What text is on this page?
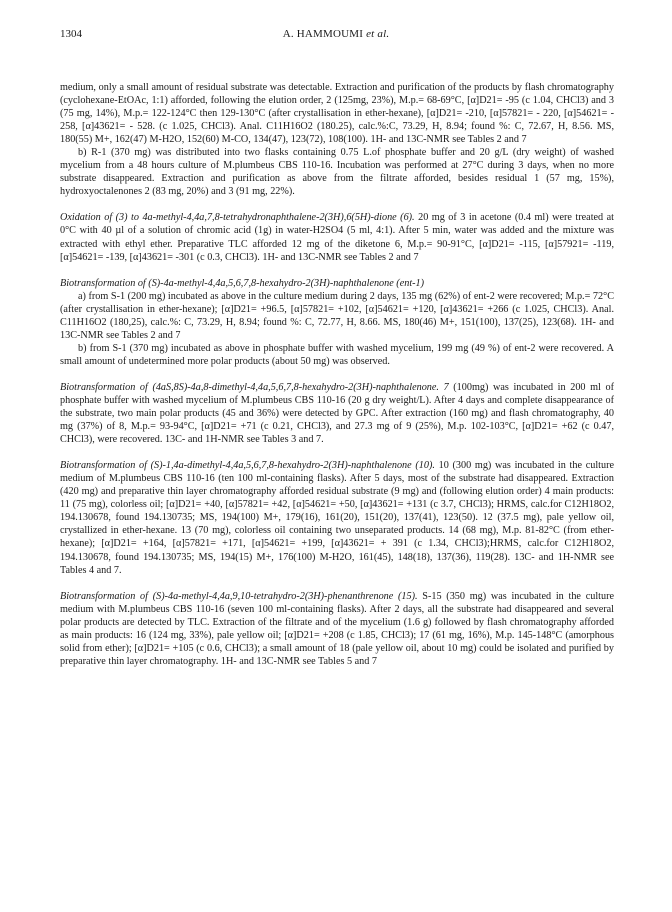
1304	A. HAMMOUMI et al.

medium, only a small amount of residual substrate was detectable. Extraction and purification of the products by flash chromatography (cyclohexane-EtOAc, 1:1) afforded, following the elution order, 2 (125mg, 23%), M.p.= 68-69°C, [α]D21= -95 (c 1.04, CHCl3) and 3 (75 mg, 14%), M.p.= 122-124°C then 129-130°C (after crystallisation in ether-hexane), [α]D21= -210, [α]57821= - 220, [α]54621= - 258, [α]43621= - 528. (c 1.025, CHCl3). Anal. C11H16O2 (180.25), calc.%:C, 73.29, H, 8.94; found %: C, 72.67, H, 8.56. MS, 180(55) M+, 162(47) M-H2O, 152(60) M-CO, 134(47), 123(72), 108(100). 1H- and 13C-NMR see Tables 2 and 7

b) R-1 (370 mg) was distributed into two flasks containing 0.75 L.of phosphate buffer and 20 g/L (dry weight) of washed mycelium from a 48 hours culture of M.plumbeus CBS 110-16. Incubation was performed at 27°C during 3 days, when no more substrate disappeared. Extraction and purification as above from the filtrate afforded, besides residual 1 (57 mg, 15%), hydroxyoctalenones 2 (83 mg, 20%) and 3 (91 mg, 22%).

Oxidation of (3) to 4a-methyl-4,4a,7,8-tetrahydronaphthalene-2(3H),6(5H)-dione (6). 20 mg of 3 in acetone (0.4 ml) were treated at 0°C with 40 µl of a solution of chromic acid (1g) in water-H2SO4 (5 ml, 4:1). After 5 min, water was added and the mixture was extracted with ethyl ether. Preparative TLC afforded 12 mg of the diketone 6, M.p.= 90-91°C, [α]D21= -115, [α]57921= -119, [α]54621= -139, [α]43621= -301 (c 0.3, CHCl3). 1H- and 13C-NMR see Tables 2 and 7

Biotransformation of (S)-4a-methyl-4,4a,5,6,7,8-hexahydro-2(3H)-naphthalenone (ent-1)

a) from S-1 (200 mg) incubated as above in the culture medium during 2 days, 135 mg (62%) of ent-2 were recovered; M.p.= 72°C (after crystallisation in ether-hexane); [α]D21= +96.5, [α]57821= +102, [α]54621= +120, [α]43621= +266 (c 1.025, CHCl3). Anal. C11H16O2 (180,25), calc.%: C, 73.29, H, 8.94; found %: C, 72.77, H, 8.66. MS, 180(46) M+, 151(100), 137(25), 123(68). 1H- and 13C-NMR see Tables 2 and 7

b) from S-1 (370 mg) incubated as above in phosphate buffer with washed mycelium, 199 mg (49 %) of ent-2 were recovered. A small amount of undetermined more polar products (about 50 mg) was observed.

Biotransformation of (4aS,8S)-4a,8-dimethyl-4,4a,5,6,7,8-hexahydro-2(3H)-naphthalenone. 7 (100mg) was incubated in 200 ml of phosphate buffer with washed mycelium of M.plumbeus CBS 110-16 (20 g dry weight/L). After 4 days and complete disappearance of the substrate, two main polar products (45 and 36%) were detected by GPC. After extraction (160 mg) and flash chromatography, 40 mg (37%) of 8, M.p.= 93-94°C, [α]D21= +71 (c 0.21, CHCl3), and 27.3 mg of 9 (25%), M.p. 102-103°C, [α]D21= +62 (c 0.47, CHCl3), were recovered. 13C- and 1H-NMR see Tables 3 and 7.

Biotransformation of (S)-1,4a-dimethyl-4,4a,5,6,7,8-hexahydro-2(3H)-naphthalenone (10). 10 (300 mg) was incubated in the culture medium of M.plumbeus CBS 110-16 (ten 100 ml-containing flasks). After 5 days, most of the substrate had disappeared. Extraction (420 mg) and preparative thin layer chromatography afforded residual substrate (9 mg) and (following elution order) 4 main products: 11 (75 mg), colorless oil; [α]D21= +40, [α]57821= +42, [α]54621= +50, [α]43621= +131 (c 3.7, CHCl3); HRMS, calc.for C12H18O2, 194.130678, found 194.130735; MS, 194(100) M+, 179(16), 161(20), 151(20), 137(41), 123(50). 12 (37.5 mg), pale yellow oil, crystallized in ether-hexane. 13 (70 mg), colorless oil containing two unseparated products. 14 (68 mg), M.p. 81-82°C (from ether-hexane); [α]D21= +164, [α]57821= +171, [α]54621= +199, [α]43621= + 391 (c 1.34, CHCl3);HRMS, calc.for C12H18O2, 194.130678, found 194.130735; MS, 194(15) M+, 176(100) M-H2O, 161(45), 148(18), 137(36), 119(28). 13C- and 1H-NMR see Tables 4 and 7.

Biotransformation of (S)-4a-methyl-4,4a,9,10-tetrahydro-2(3H)-phenanthrenone (15). S-15 (350 mg) was incubated in the culture medium with M.plumbeus CBS 110-16 (seven 100 ml-containing flasks). After 2 days, all the substrate had disappeared and several polar products are detected by TLC. Extraction of the filtrate and of the mycelium (1.6 g) followed by flash chromatography afforded as main products: 16 (124 mg, 33%), pale yellow oil; [α]D21= +208 (c 1.85, CHCl3); 17 (61 mg, 16%), M.p. 145-148°C (amorphous solid from ether); [α]D21= +105 (c 0.6, CHCl3); a small amount of 18 (pale yellow oil, about 10 mg) could be isolated and purified by preparative thin layer chromatography. 1H- and 13C-NMR see Tables 5 and 7
